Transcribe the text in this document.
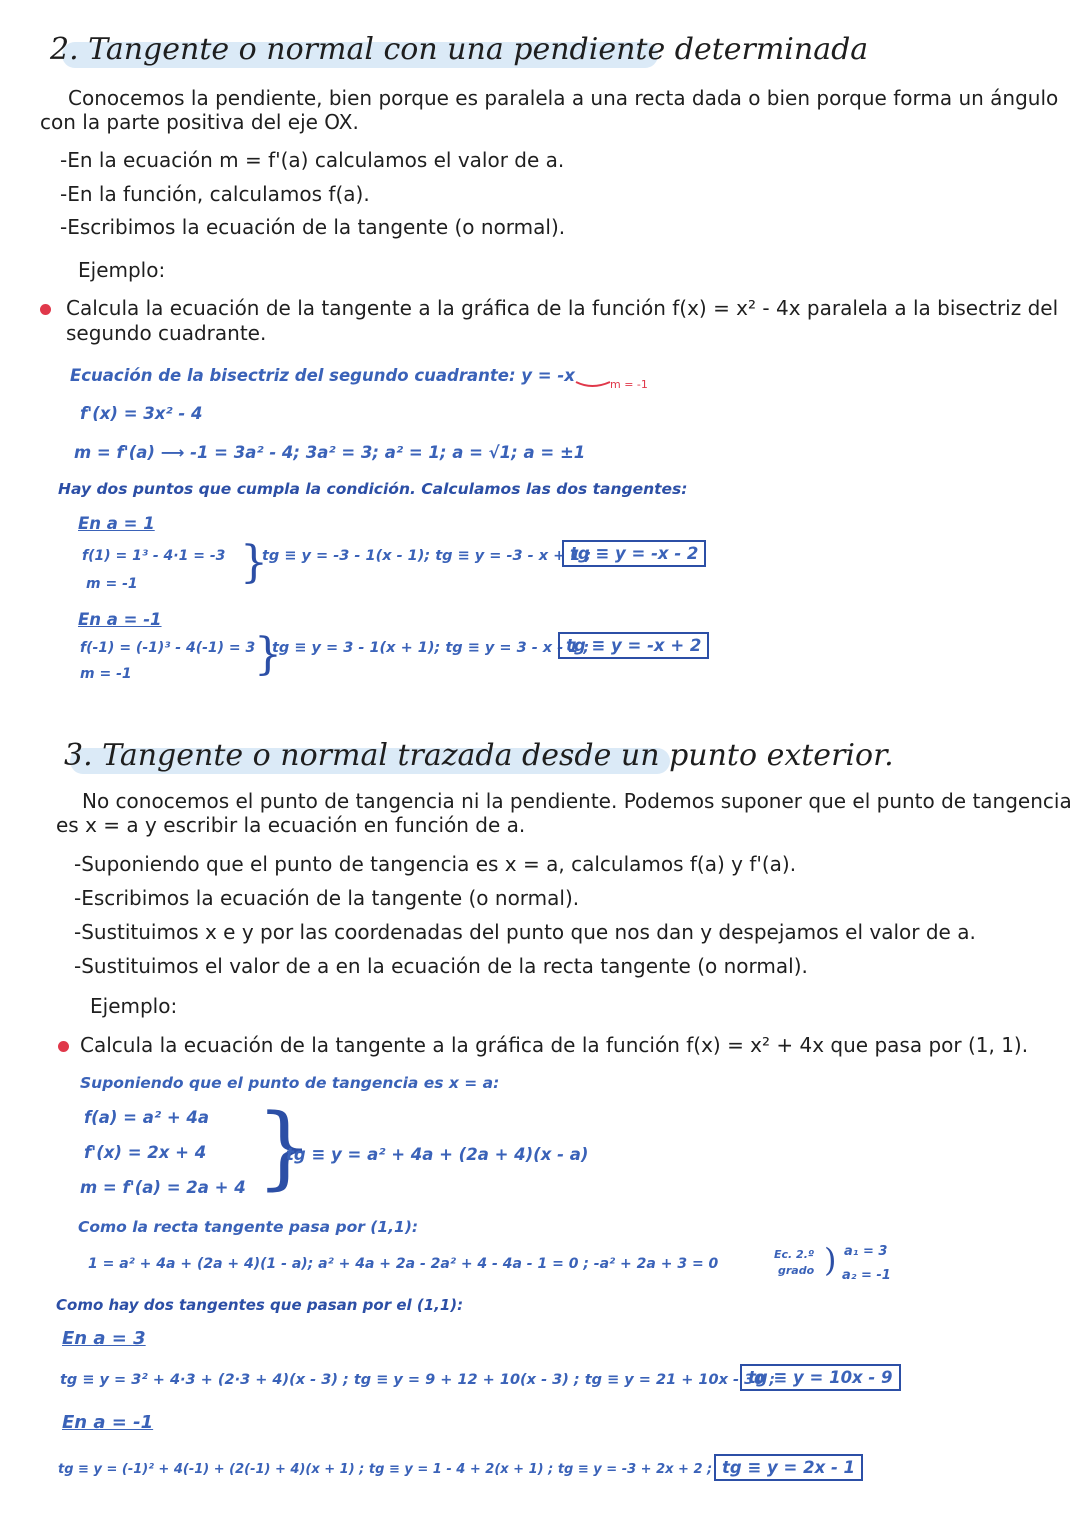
2. Tangente o normal con una pendiente determinada
Conocemos la pendiente, bien porque es paralela a una recta dada o bien porque forma un ángulo
con la parte positiva del eje OX.
-En la ecuación m = f'(a) calculamos el valor de a.
-En la función, calculamos f(a).
-Escribimos la ecuación de la tangente (o normal).
Ejemplo:
Calcula la ecuación de la tangente a la gráfica de la función f(x) = x² - 4x paralela a la bisectriz del
segundo cuadrante.
Ecuación de la bisectriz del segundo cuadrante: y = -x	m = -1
f'(x) = 3x² - 4
m = f'(a) ⟶ -1 = 3a² - 4; 3a² = 3; a² = 1; a = √1; a = ±1
Hay dos puntos que cumpla la condición. Calculamos las dos tangentes:
En a = 1
f(1) = 1³ - 4·1 = -3
m = -1 }
tg ≡ y = -3 - 1(x - 1); tg ≡ y = -3 - x + 1 ;
tg ≡ y = -x - 2
En a = -1
f(-1) = (-1)³ - 4(-1) = 3
m = -1	}
tg ≡ y = 3 - 1(x + 1); tg ≡ y = 3 - x - 1 ;
tg ≡ y = -x + 2
3. Tangente o normal trazada desde un punto exterior.
No conocemos el punto de tangencia ni la pendiente. Podemos suponer que el punto de tangencia
es x = a y escribir la ecuación en función de a.
-Suponiendo que el punto de tangencia es x = a, calculamos f(a) y f'(a).
-Escribimos la ecuación de la tangente (o normal).
-Sustituimos x e y por las coordenadas del punto que nos dan y despejamos el valor de a.
-Sustituimos el valor de a en la ecuación de la recta tangente (o normal).
Ejemplo:
Calcula la ecuación de la tangente a la gráfica de la función f(x) = x² + 4x que pasa por (1, 1).
Suponiendo que el punto de tangencia es x = a:
f(a) = a² + 4a
f'(x) = 2x + 4
m = f'(a) = 2a + 4 }
tg ≡ y = a² + 4a + (2a + 4)(x - a)
Como la recta tangente pasa por (1,1):
1 = a² + 4a + (2a + 4)(1 - a); a² + 4a + 2a - 2a² + 4 - 4a - 1 = 0 ; -a² + 2a + 3 = 0
Ec. 2.º
grado ) a₁ = 3
a₂ = -1
Como hay dos tangentes que pasan por el (1,1):
En a = 3
tg ≡ y = 3² + 4·3 + (2·3 + 4)(x - 3) ; tg ≡ y = 9 + 12 + 10(x - 3) ; tg ≡ y = 21 + 10x - 30 ;
tg ≡ y = 10x - 9
En a = -1
tg ≡ y = (-1)² + 4(-1) + (2(-1) + 4)(x + 1) ; tg ≡ y = 1 - 4 + 2(x + 1) ; tg ≡ y = -3 + 2x + 2 ; tg ≡ y = 2x - 1
